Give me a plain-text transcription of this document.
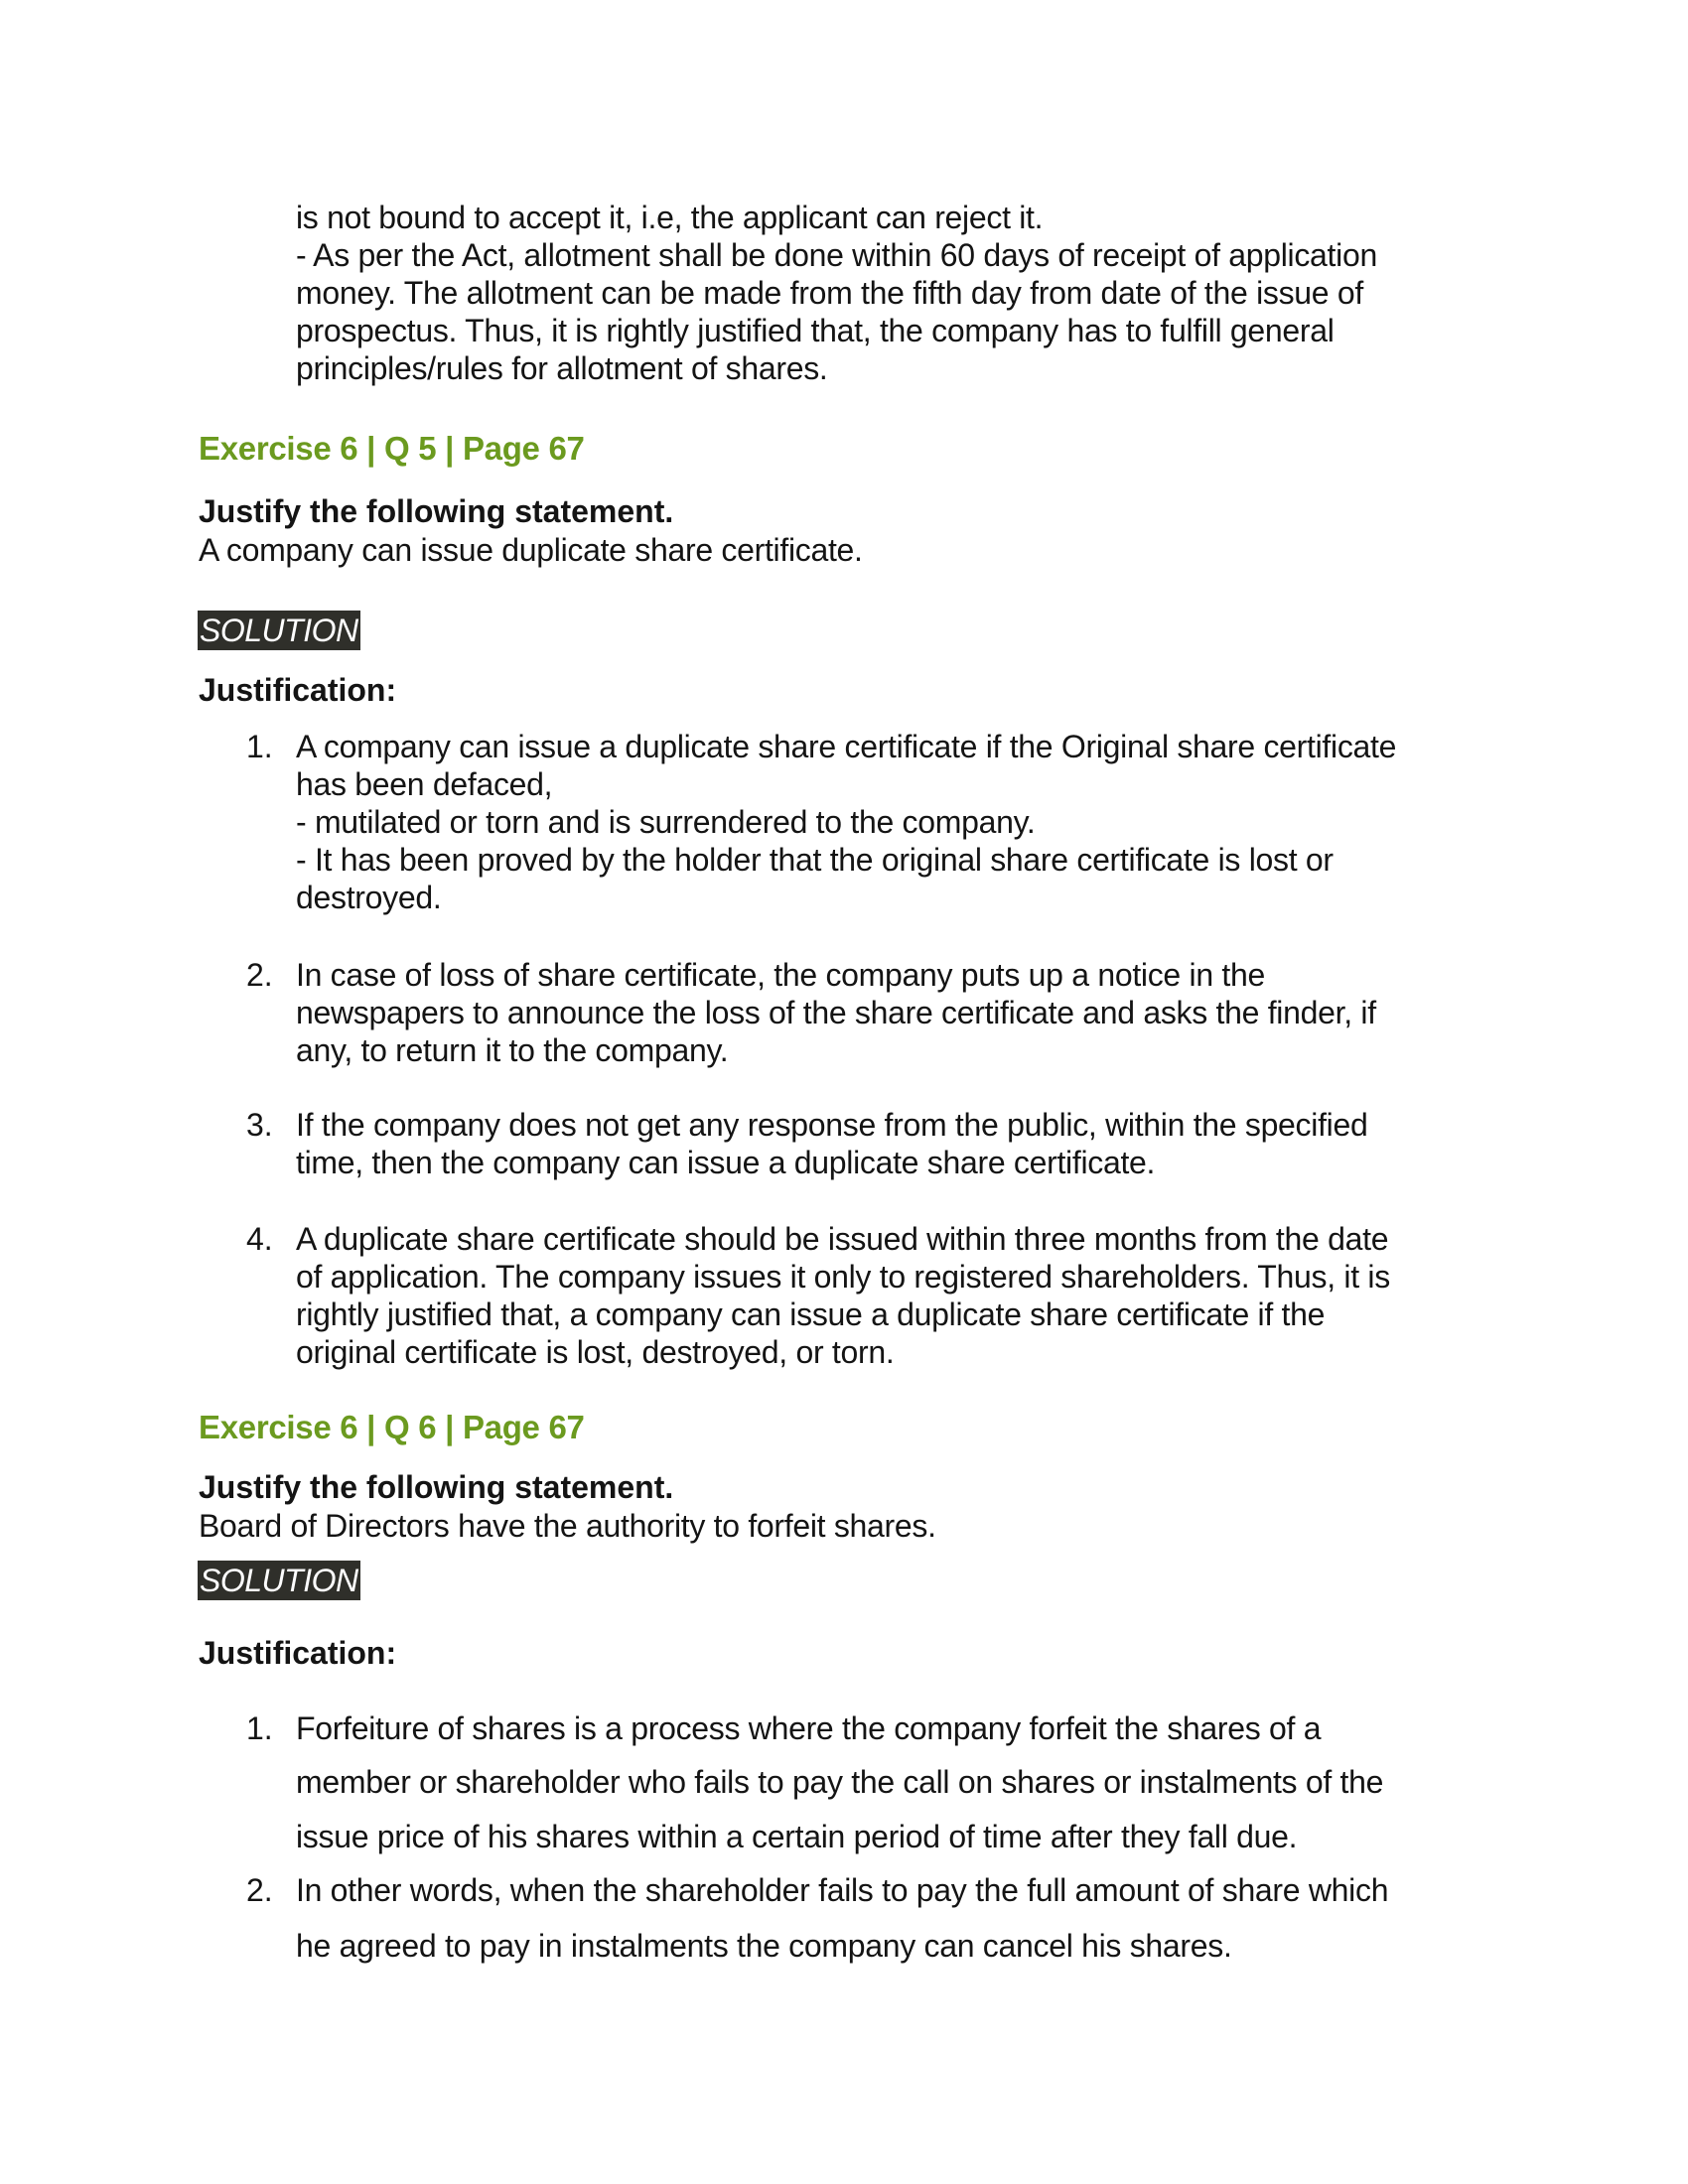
is not bound to accept it, i.e, the applicant can reject it.
- As per the Act, allotment shall be done within 60 days of receipt of application
money. The allotment can be made from the fifth day from date of the issue of
prospectus. Thus, it is rightly justified that, the company has to fulfill general
principles/rules for allotment of shares.
Exercise 6 | Q 5 | Page 67
Justify the following statement.
A company can issue duplicate share certificate.
SOLUTION
Justification:
1. A company can issue a duplicate share certificate if the Original share certificate
has been defaced,
- mutilated or torn and is surrendered to the company.
- It has been proved by the holder that the original share certificate is lost or
destroyed.
2. In case of loss of share certificate, the company puts up a notice in the
newspapers to announce the loss of the share certificate and asks the finder, if
any, to return it to the company.
3. If the company does not get any response from the public, within the specified
time, then the company can issue a duplicate share certificate.
4. A duplicate share certificate should be issued within three months from the date
of application. The company issues it only to registered shareholders. Thus, it is
rightly justified that, a company can issue a duplicate share certificate if the
original certificate is lost, destroyed, or torn.
Exercise 6 | Q 6 | Page 67
Justify the following statement.
Board of Directors have the authority to forfeit shares.
SOLUTION
Justification:
1. Forfeiture of shares is a process where the company forfeit the shares of a
member or shareholder who fails to pay the call on shares or instalments of the
issue price of his shares within a certain period of time after they fall due.
2. In other words, when the shareholder fails to pay the full amount of share which
he agreed to pay in instalments the company can cancel his shares.
